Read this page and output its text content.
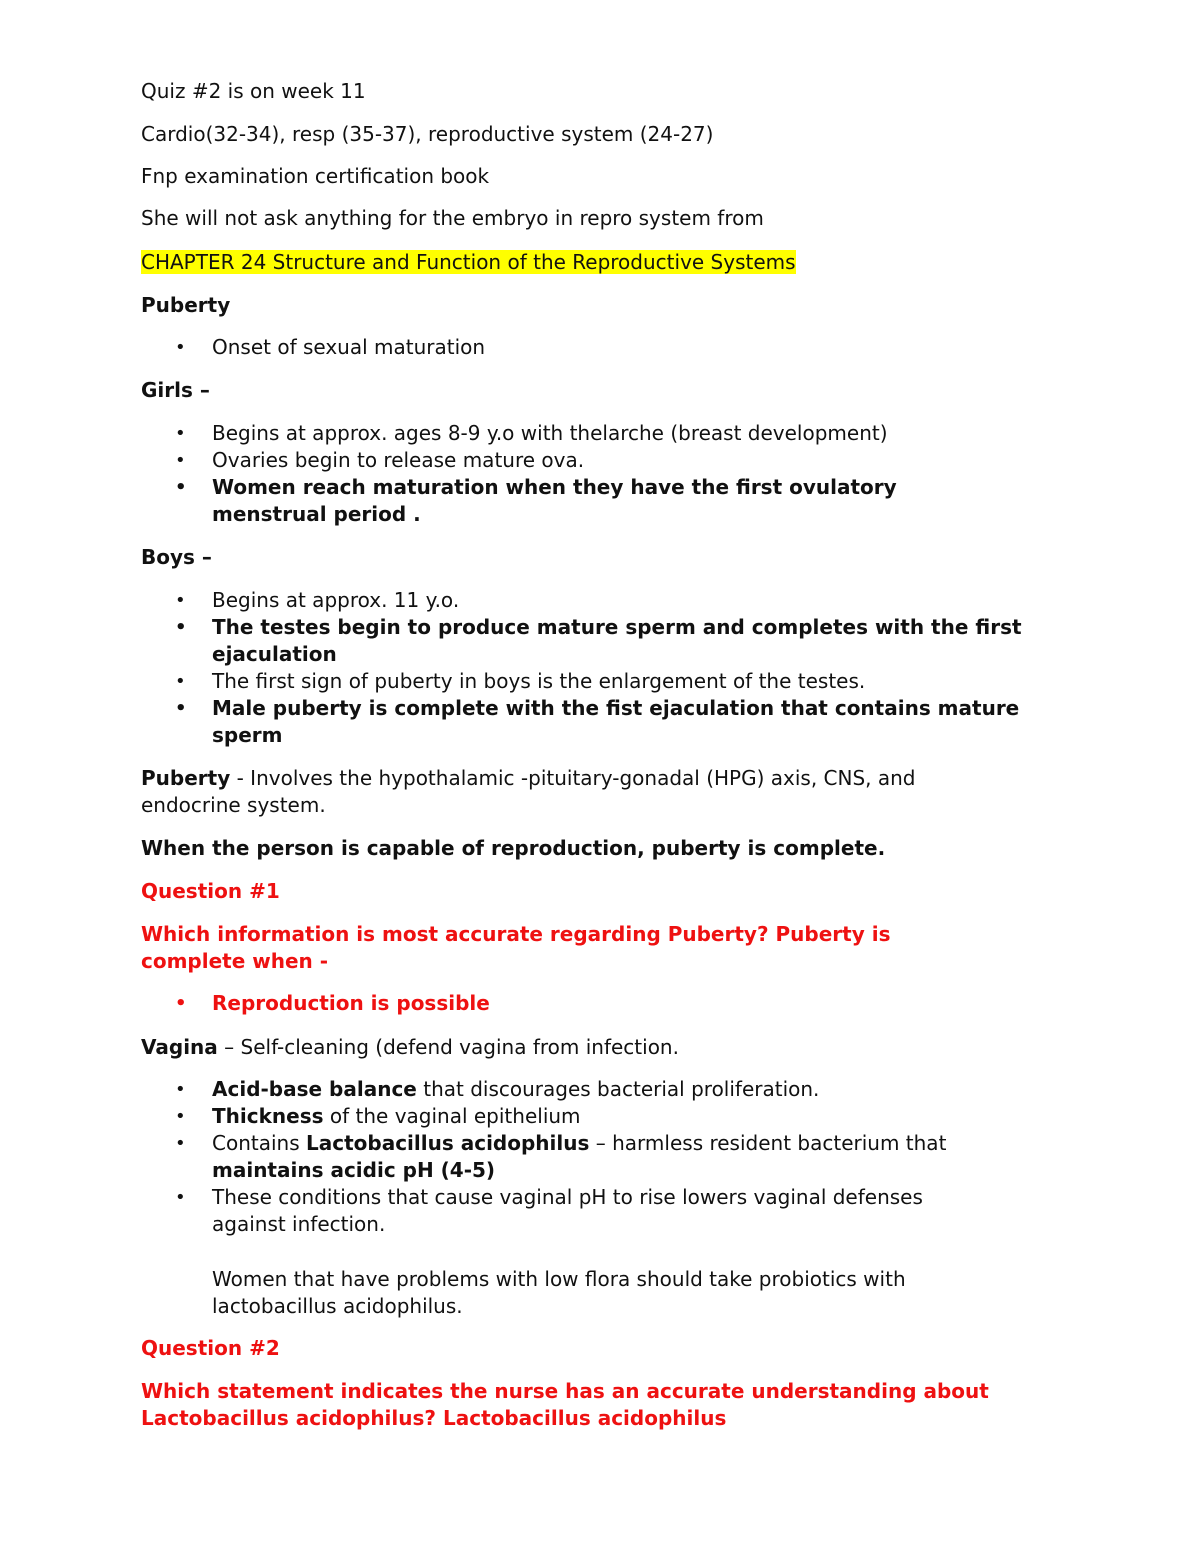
Quiz #2 is on week 11
Cardio(32-34), resp (35-37), reproductive system (24-27)
Fnp examination certification book
She will not ask anything for the embryo in repro system from
CHAPTER 24 Structure and Function of the Reproductive Systems
Puberty
• Onset of sexual maturation
Girls –
• Begins at approx. ages 8-9 y.o with thelarche (breast development)
• Ovaries begin to release mature ova.
• Women reach maturation when they have the first ovulatory menstrual period .
Boys –
• Begins at approx. 11 y.o.
• The testes begin to produce mature sperm and completes with the first ejaculation
• The first sign of puberty in boys is the enlargement of the testes.
• Male puberty is complete with the fist ejaculation that contains mature sperm
Puberty - Involves the hypothalamic -pituitary-gonadal (HPG) axis, CNS, and endocrine system.
When the person is capable of reproduction, puberty is complete.
Question #1
Which information is most accurate regarding Puberty? Puberty is complete when -
• Reproduction is possible
Vagina – Self-cleaning (defend vagina from infection.
• Acid-base balance that discourages bacterial proliferation.
• Thickness of the vaginal epithelium
• Contains Lactobacillus acidophilus – harmless resident bacterium that maintains acidic pH (4-5)
• These conditions that cause vaginal pH to rise lowers vaginal defenses against infection.
Women that have problems with low flora should take probiotics with lactobacillus acidophilus.
Question #2
Which statement indicates the nurse has an accurate understanding about Lactobacillus acidophilus? Lactobacillus acidophilus
